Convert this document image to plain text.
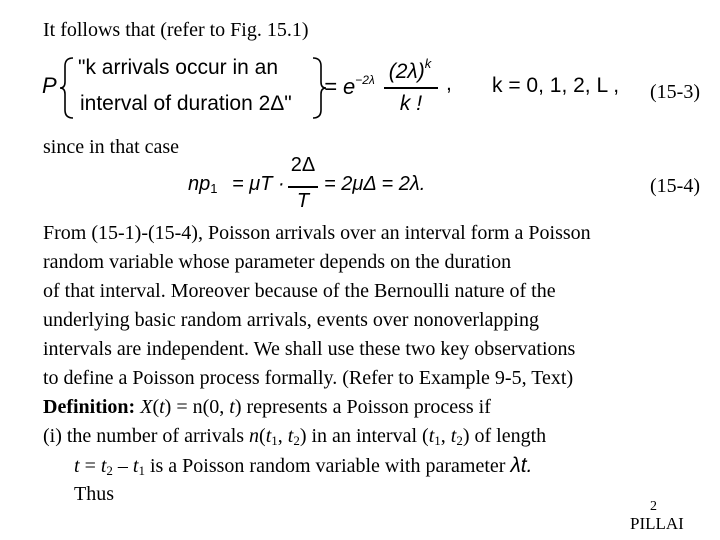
It follows that (refer to Fig. 15.1)
P
"k arrivals occur in an
interval of duration 2Δ"
= $e^{-2\lambda}$ $(2\lambda)^k$
k !
, k = 0, 1, 2, L , (15-3)
since in that case
$np_1 = \mu T$ ·
2Δ
T
= 2μΔ = 2λ.	(15-4)
From (15-1)-(15-4), Poisson arrivals over an interval form a Poisson
random variable whose parameter depends on the duration
of that interval. Moreover because of the Bernoulli nature of the
underlying basic random arrivals, events over nonoverlapping
intervals are independent. We shall use these two key observations
to define a Poisson process formally. (Refer to Example 9-5, Text)
Definition: X(t) = n(0, t) represents a Poisson process if
(i) the number of arrivals $n(t_1$, $t_2$) in an interval ($t_1$, $t_2$) of length
$t = t_2 - t_1$ is a Poisson random variable with parameter λt.
Thus
2
PILLAI
